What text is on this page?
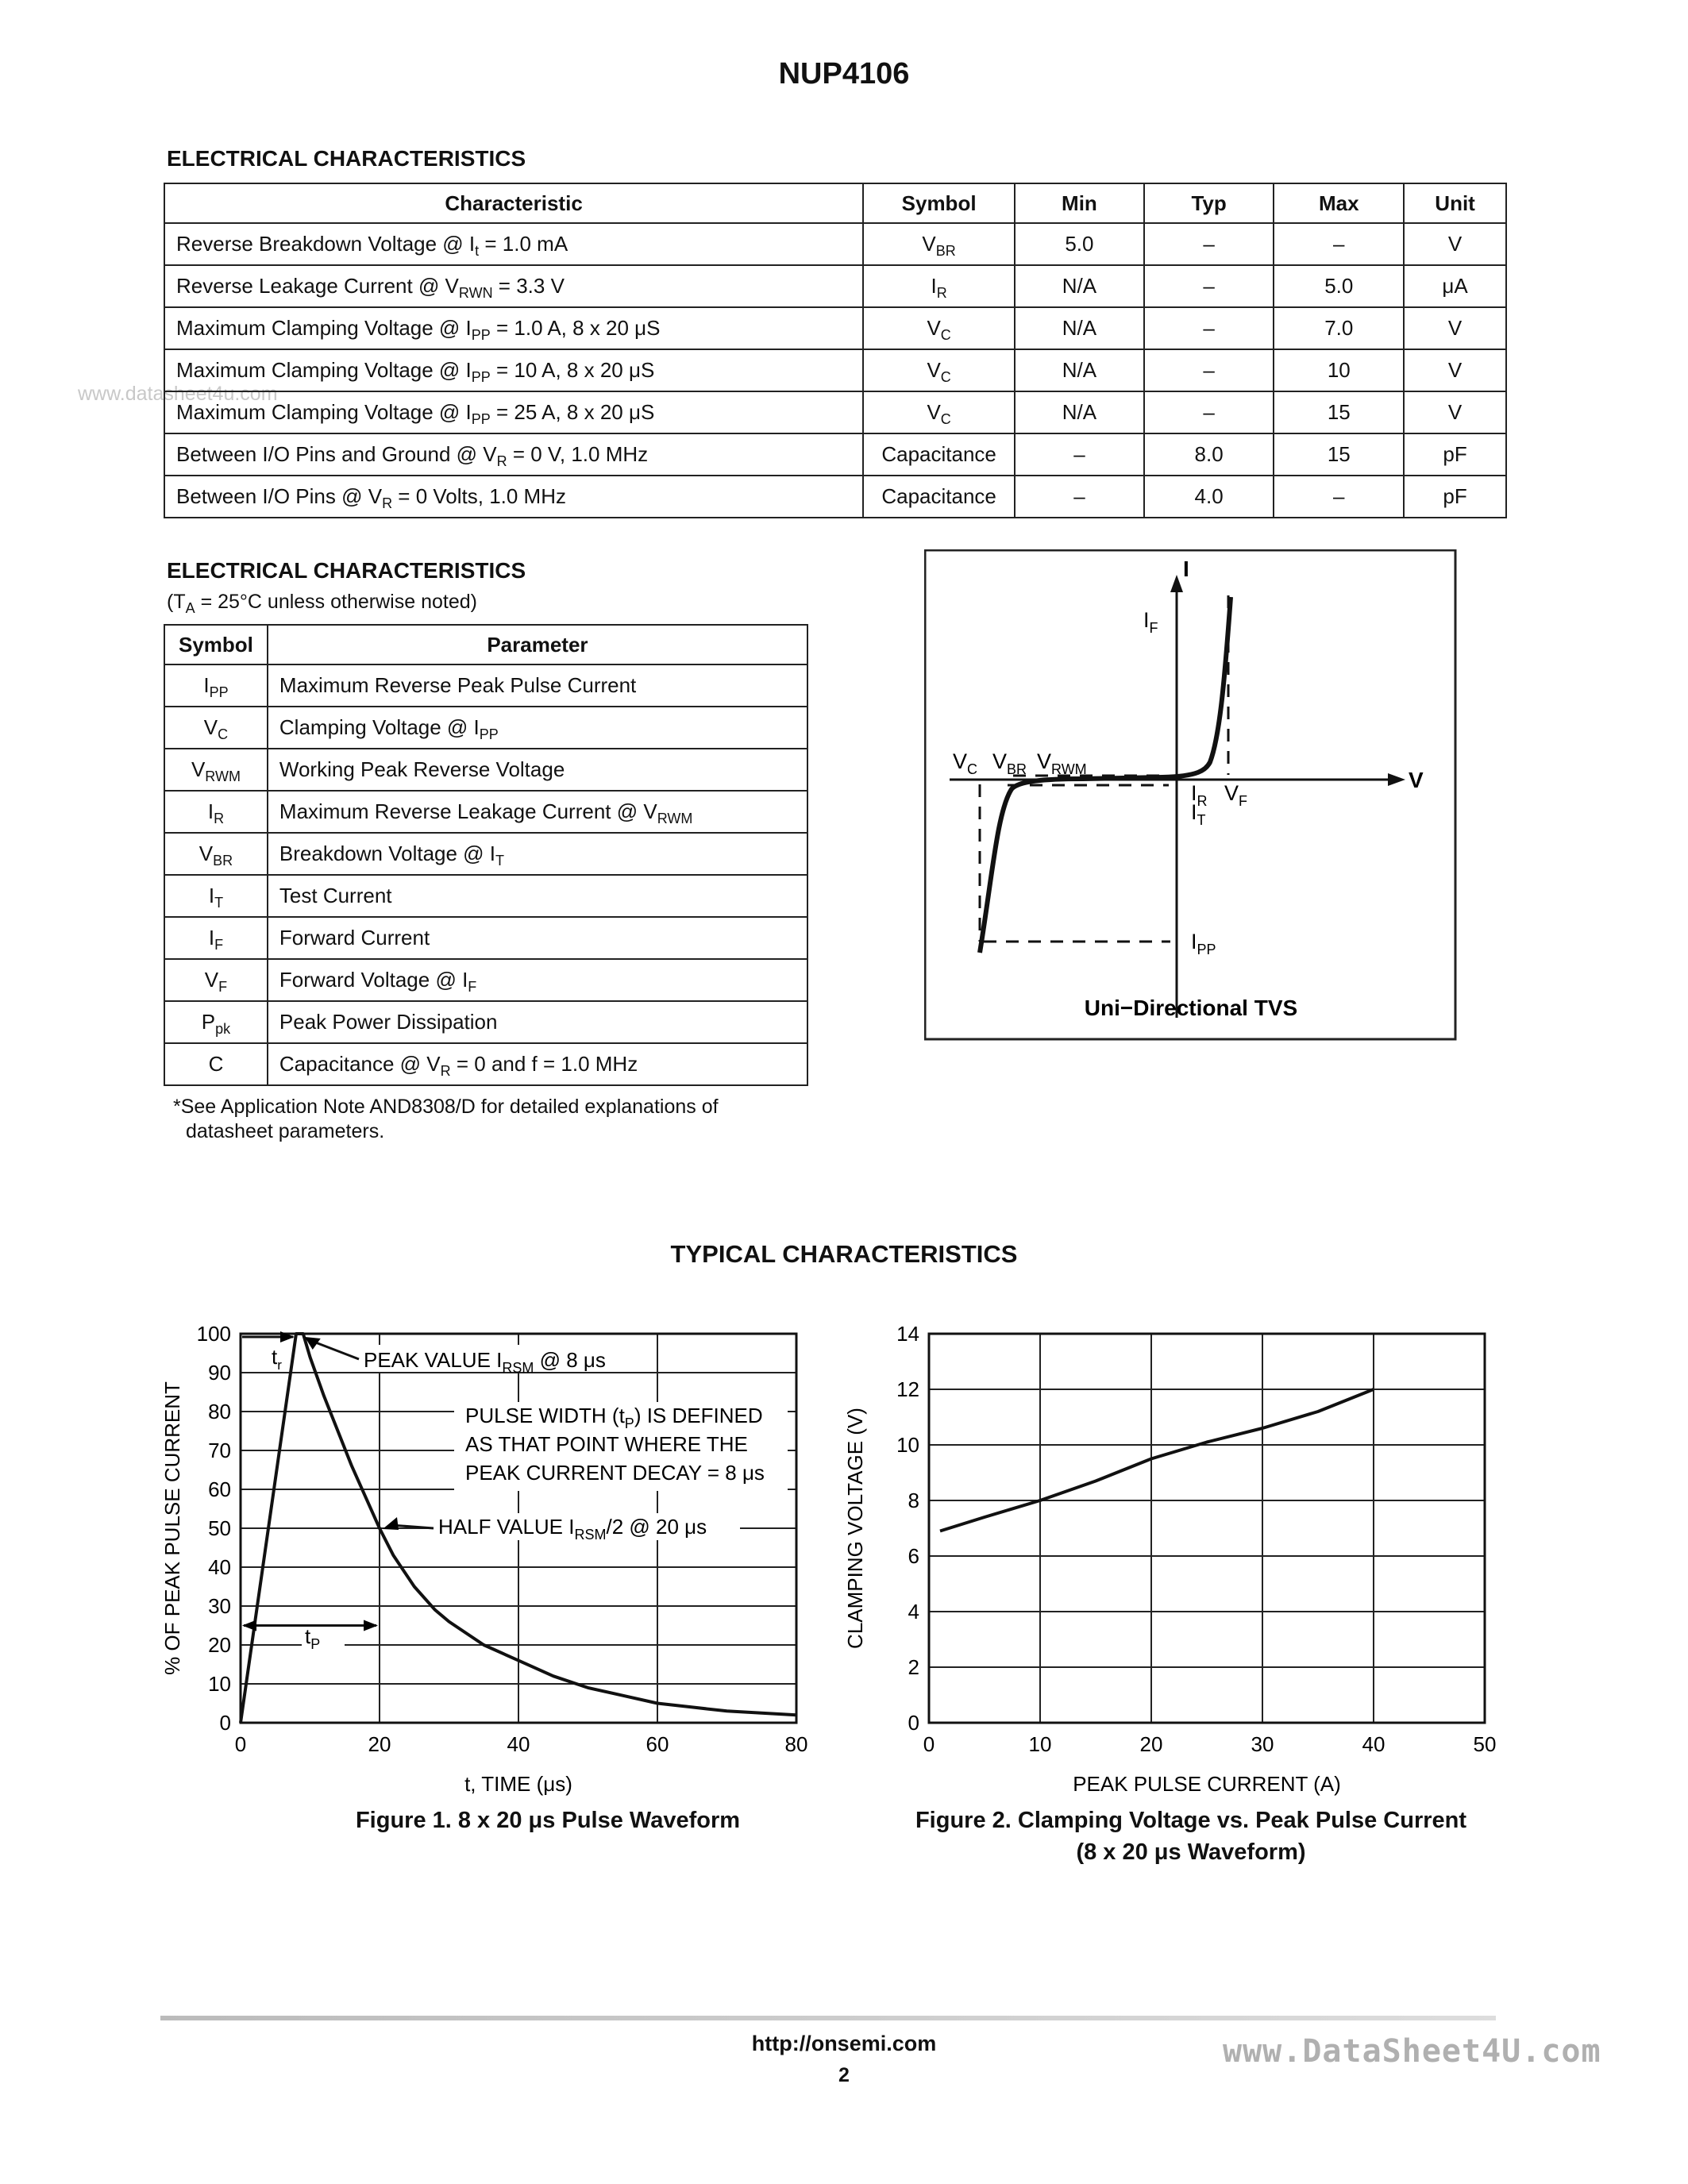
NUP4106
www.datasheet4u.com
ELECTRICAL CHARACTERISTICS
Characteristic	Symbol	Min	Typ	Max	Unit
Reverse Breakdown Voltage @ $I_t = 1.0$ mA	$V_{BR}$	5.0	–	–	V
Reverse Leakage Current @ $V_{RWN} = 3.3$ V	$I_R$	N/A	–	5.0	μA
Maximum Clamping Voltage @ $I_{PP} = 1.0$ A, 8 x 20 μS	$V_C$	N/A	–	7.0	V
Maximum Clamping Voltage @ $I_{PP} = 10$ A, 8 x 20 μS	$V_C$	N/A	–	10	V
Maximum Clamping Voltage @ $I_{PP} = 25$ A, 8 x 20 μS	$V_C$	N/A	–	15	V
Between I/O Pins and Ground @ $V_R = 0$ V, 1.0 MHz	Capacitance	–	8.0	15	pF
Between I/O Pins @ $V_R = 0$ Volts, 1.0 MHz	Capacitance	–	4.0	–	pF
ELECTRICAL CHARACTERISTICS
($T_A = 25^\circ C$ unless otherwise noted)
Symbol	Parameter
$I_{PP}$	Maximum Reverse Peak Pulse Current
$V_C$	Clamping Voltage @ $I_{PP}$
$V_{RWM}$	Working Peak Reverse Voltage
$I_R$	Maximum Reverse Leakage Current @ $V_{RWM}$
$V_{BR}$	Breakdown Voltage @ $I_T$
$I_T$	Test Current
$I_F$	Forward Current
$V_F$	Forward Voltage @ $I_F$
$P_{pk}$	Peak Power Dissipation
C	Capacitance @ $V_R = 0$ and f = 1.0 MHz
*See Application Note AND8308/D for detailed explanations of
datasheet parameters.
I
V
$I_F$
$V_C$ $V_{BR}$ $V_{RWM}$
$I_R$
$I_T$
$V_F$
$I_{PP}$
Uni−Directional TVS
TYPICAL CHARACTERISTICS
0	20	40	60	80
0
10
20
30
40
50
60
70
80
90
100
t, TIME (μs)
% OF PEAK PULSE CURRENT
$t_r$	PEAK VALUE $I_{RSM}$ @ 8 μs
PULSE WIDTH $(t_P)$ IS DEFINED
AS THAT POINT WHERE THE
PEAK CURRENT DECAY = 8 μs
HALF VALUE $I_{RSM}/2$ @ 20 μs
$t_P$
Figure 1. 8 x 20 μs Pulse Waveform
0	10	20	30	40	50
0
2
4
6
8
10
12
14
PEAK PULSE CURRENT (A)
CLAMPING VOLTAGE (V)
Figure 2. Clamping Voltage vs. Peak Pulse Current
(8 x 20 μs Waveform)
http://onsemi.com
2
www.DataSheet4U.com
